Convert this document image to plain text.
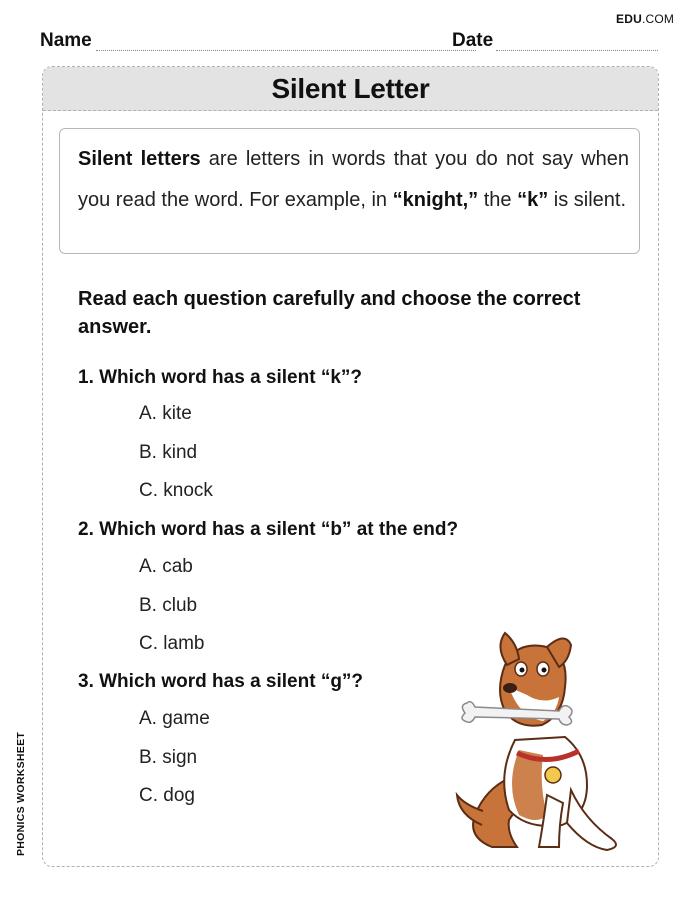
EDU.COM
Name	Date
Silent Letter
Silent letters are letters in words that you do not say when you read the word. For example, in “knight,” the “k” is silent.
Read each question carefully and choose the correct answer.
1. Which word has a silent “k”?
A. kite
B. kind
C. knock
2. Which word has a silent “b” at the end?
A. cab
B. club
C. lamb
3. Which word has a silent “g”?
A. game
B. sign
C. dog
PHONICS WORKSHEET
